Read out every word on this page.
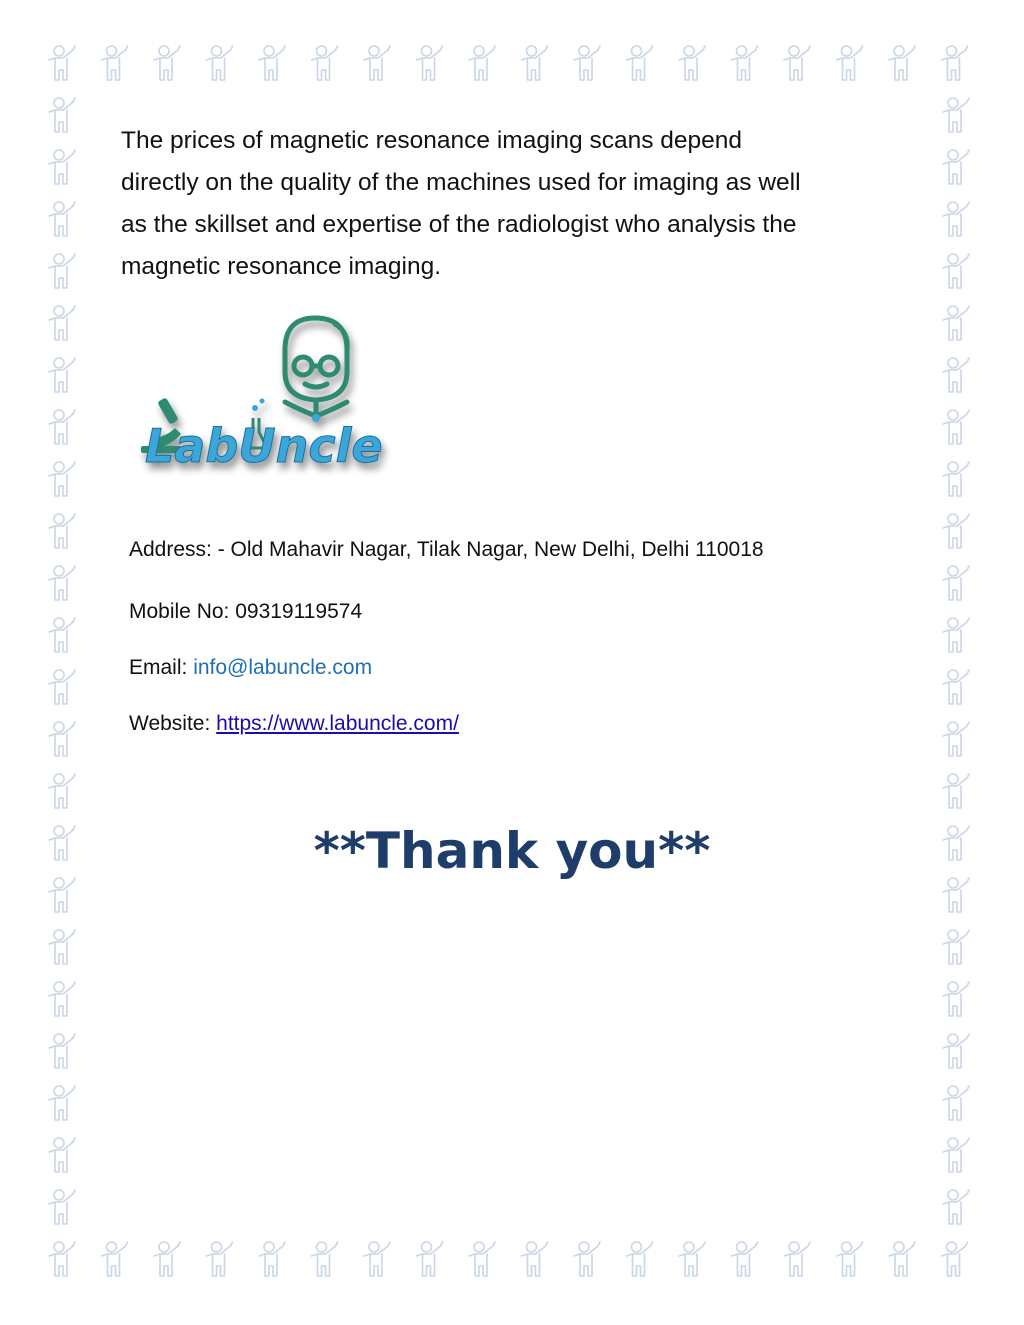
The prices of magnetic resonance imaging scans depend
directly on the quality of the machines used for imaging as well
as the skillset and expertise of the radiologist who analysis the
magnetic resonance imaging.
LabUncle
Address: - Old Mahavir Nagar, Tilak Nagar, New Delhi, Delhi 110018
Mobile No: 09319119574
Email: info@labuncle.com
Website: https://www.labuncle.com/
**Thank you**
